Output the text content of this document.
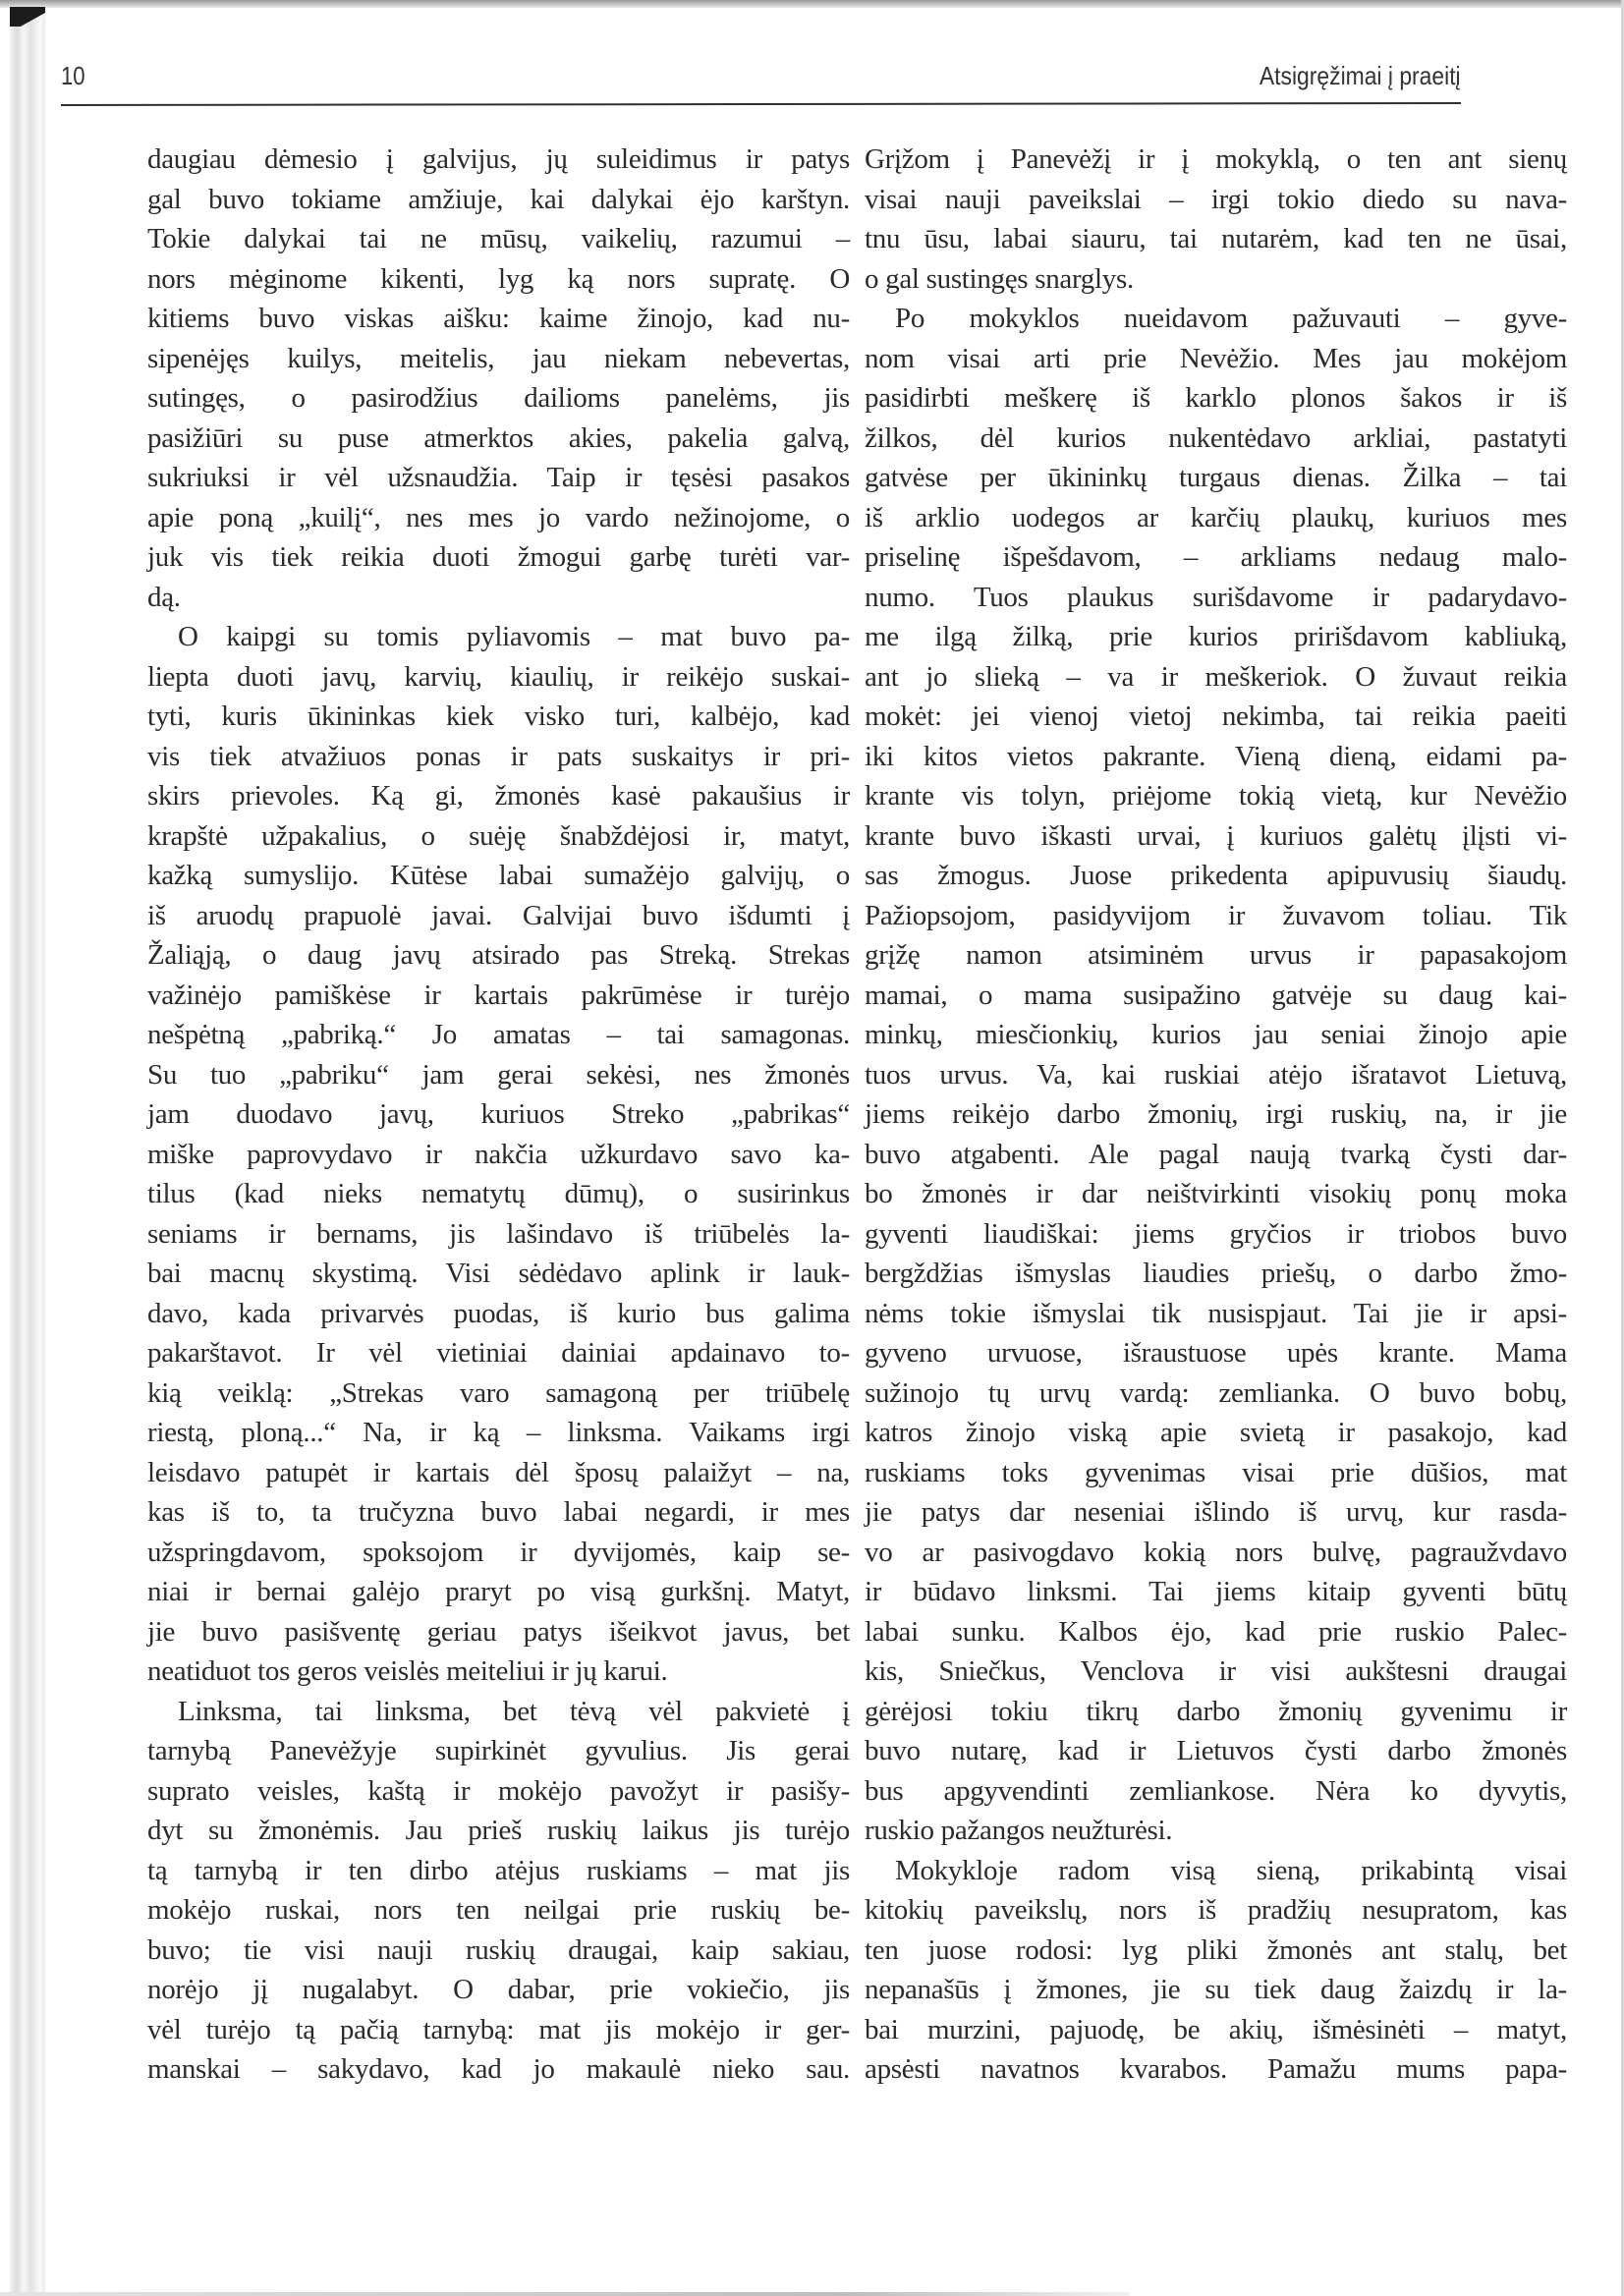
10	Atsigręžimai į praeitį
daugiau dėmesio į galvijus, jų suleidimus ir patys
gal buvo tokiame amžiuje, kai dalykai ėjo karštyn.
Tokie dalykai tai ne mūsų, vaikelių, razumui –
nors mėginome kikenti, lyg ką nors supratę. O
kitiems buvo viskas aišku: kaime žinojo, kad nu-
sipenėjęs kuilys, meitelis, jau niekam nebevertas,
sutingęs, o pasirodžius dailioms panelėms, jis
pasižiūri su puse atmerktos akies, pakelia galvą,
sukriuksi ir vėl užsnaudžia. Taip ir tęsėsi pasakos
apie poną „kuilį“, nes mes jo vardo nežinojome, o
juk vis tiek reikia duoti žmogui garbę turėti var-
dą.
O kaipgi su tomis pyliavomis – mat buvo pa-
liepta duoti javų, karvių, kiaulių, ir reikėjo suskai-
tyti, kuris ūkininkas kiek visko turi, kalbėjo, kad
vis tiek atvažiuos ponas ir pats suskaitys ir pri-
skirs prievoles. Ką gi, žmonės kasė pakaušius ir
krapštė užpakalius, o suėję šnabždėjosi ir, matyt,
kažką sumyslijo. Kūtėse labai sumažėjo galvijų, o
iš aruodų prapuolė javai. Galvijai buvo išdumti į
Žaliąją, o daug javų atsirado pas Streką. Strekas
važinėjo pamiškėse ir kartais pakrūmėse ir turėjo
nešpėtną „pabriką.“ Jo amatas – tai samagonas.
Su tuo „pabriku“ jam gerai sekėsi, nes žmonės
jam duodavo javų, kuriuos Streko „pabrikas“
miške paprovydavo ir nakčia užkurdavo savo ka-
tilus (kad nieks nematytų dūmų), o susirinkus
seniams ir bernams, jis lašindavo iš triūbelės la-
bai macnų skystimą. Visi sėdėdavo aplink ir lauk-
davo, kada privarvės puodas, iš kurio bus galima
pakarštavot. Ir vėl vietiniai dainiai apdainavo to-
kią veiklą: „Strekas varo samagoną per triūbelę
riestą, ploną...“ Na, ir ką – linksma. Vaikams irgi
leisdavo patupėt ir kartais dėl šposų palaižyt – na,
kas iš to, ta tručyzna buvo labai negardi, ir mes
užspringdavom, spoksojom ir dyvijomės, kaip se-
niai ir bernai galėjo praryt po visą gurkšnį. Matyt,
jie buvo pasišventę geriau patys išeikvot javus, bet
neatiduot tos geros veislės meiteliui ir jų karui.
Linksma, tai linksma, bet tėvą vėl pakvietė į
tarnybą Panevėžyje supirkinėt gyvulius. Jis gerai
suprato veisles, kaštą ir mokėjo pavožyt ir pasišy-
dyt su žmonėmis. Jau prieš ruskių laikus jis turėjo
tą tarnybą ir ten dirbo atėjus ruskiams – mat jis
mokėjo ruskai, nors ten neilgai prie ruskių be-
buvo; tie visi nauji ruskių draugai, kaip sakiau,
norėjo jį nugalabyt. O dabar, prie vokiečio, jis
vėl turėjo tą pačią tarnybą: mat jis mokėjo ir ger-
manskai – sakydavo, kad jo makaulė nieko sau.
Grįžom į Panevėžį ir į mokyklą, o ten ant sienų
visai nauji paveikslai – irgi tokio diedo su nava-
tnu ūsu, labai siauru, tai nutarėm, kad ten ne ūsai,
o gal sustingęs snarglys.
Po mokyklos nueidavom pažuvauti – gyve-
nom visai arti prie Nevėžio. Mes jau mokėjom
pasidirbti meškerę iš karklo plonos šakos ir iš
žilkos, dėl kurios nukentėdavo arkliai, pastatyti
gatvėse per ūkininkų turgaus dienas. Žilka – tai
iš arklio uodegos ar karčių plaukų, kuriuos mes
priselinę išpešdavom, – arkliams nedaug malo-
numo. Tuos plaukus surišdavome ir padarydavo-
me ilgą žilką, prie kurios pririšdavom kabliuką,
ant jo slieką – va ir meškeriok. O žuvaut reikia
mokėt: jei vienoj vietoj nekimba, tai reikia paeiti
iki kitos vietos pakrante. Vieną dieną, eidami pa-
krante vis tolyn, priėjome tokią vietą, kur Nevėžio
krante buvo iškasti urvai, į kuriuos galėtų įlįsti vi-
sas žmogus. Juose prikedenta apipuvusių šiaudų.
Pažiopsojom, pasidyvijom ir žuvavom toliau. Tik
grįžę namon atsiminėm urvus ir papasakojom
mamai, o mama susipažino gatvėje su daug kai-
minkų, miesčionkių, kurios jau seniai žinojo apie
tuos urvus. Va, kai ruskiai atėjo išratavot Lietuvą,
jiems reikėjo darbo žmonių, irgi ruskių, na, ir jie
buvo atgabenti. Ale pagal naują tvarką čysti dar-
bo žmonės ir dar neištvirkinti visokių ponų moka
gyventi liaudiškai: jiems gryčios ir triobos buvo
bergždžias išmyslas liaudies priešų, o darbo žmo-
nėms tokie išmyslai tik nusispjaut. Tai jie ir apsi-
gyveno urvuose, išraustuose upės krante. Mama
sužinojo tų urvų vardą: zemlianka. O buvo bobų,
katros žinojo viską apie svietą ir pasakojo, kad
ruskiams toks gyvenimas visai prie dūšios, mat
jie patys dar neseniai išlindo iš urvų, kur rasda-
vo ar pasivogdavo kokią nors bulvę, pagraužvdavo
ir būdavo linksmi. Tai jiems kitaip gyventi būtų
labai sunku. Kalbos ėjo, kad prie ruskio Palec-
kis, Sniečkus, Venclova ir visi aukštesni draugai
gėrėjosi tokiu tikrų darbo žmonių gyvenimu ir
buvo nutarę, kad ir Lietuvos čysti darbo žmonės
bus apgyvendinti zemliankose. Nėra ko dyvytis,
ruskio pažangos neužturėsi.
Mokykloje radom visą sieną, prikabintą visai
kitokių paveikslų, nors iš pradžių nesupratom, kas
ten juose rodosi: lyg pliki žmonės ant stalų, bet
nepanašūs į žmones, jie su tiek daug žaizdų ir la-
bai murzini, pajuodę, be akių, išmėsinėti – matyt,
apsėsti navatnos kvarabos. Pamažu mums papa-
